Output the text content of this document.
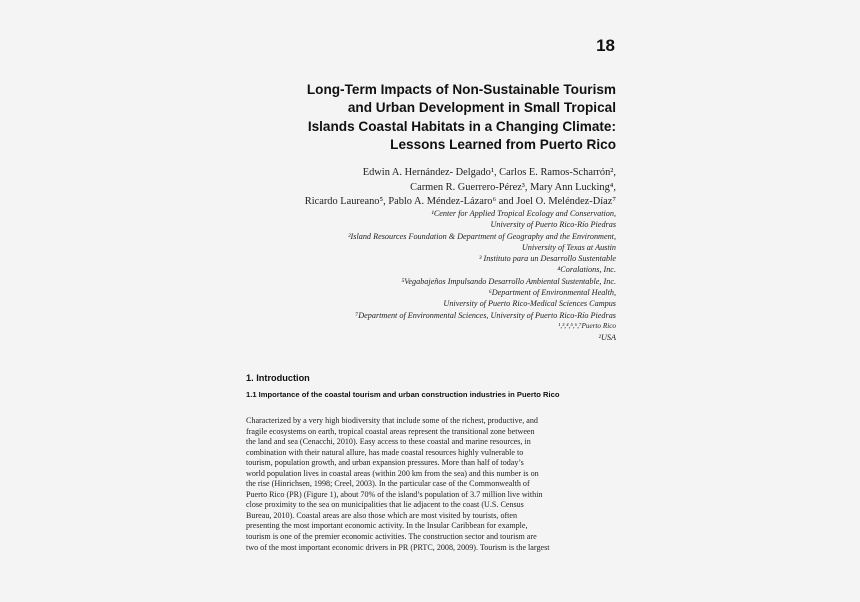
18
Long-Term Impacts of Non-Sustainable Tourism
and Urban Development in Small Tropical
Islands Coastal Habitats in a Changing Climate:
Lessons Learned from Puerto Rico
Edwin A. Hernández- Delgado¹, Carlos E. Ramos-Scharrón²,
Carmen R. Guerrero-Pérez³, Mary Ann Lucking⁴,
Ricardo Laureano⁵, Pablo A. Méndez-Lázaro⁶ and Joel O. Meléndez-Díaz⁷
¹Center for Applied Tropical Ecology and Conservation,
University of Puerto Rico-Río Piedras
²Island Resources Foundation & Department of Geography and the Environment,
University of Texas at Austin
³ Instituto para un Desarrollo Sustentable
⁴Coralations, Inc.
⁵Vegabajeños Impulsando Desarrollo Ambiental Sustentable, Inc.
⁶Department of Environmental Health,
University of Puerto Rico-Medical Sciences Campus
⁷Department of Environmental Sciences, University of Puerto Rico-Río Piedras
¹,³,⁴,⁵,⁶,⁷Puerto Rico
²USA
1. Introduction
1.1 Importance of the coastal tourism and urban construction industries in Puerto Rico
Characterized by a very high biodiversity that include some of the richest, productive, and
fragile ecosystems on earth, tropical coastal areas represent the transitional zone between
the land and sea (Cenacchi, 2010). Easy access to these coastal and marine resources, in
combination with their natural allure, has made coastal resources highly vulnerable to
tourism, population growth, and urban expansion pressures. More than half of today’s
world population lives in coastal areas (within 200 km from the sea) and this number is on
the rise (Hinrichsen, 1998; Creel, 2003). In the particular case of the Commonwealth of
Puerto Rico (PR) (Figure 1), about 70% of the island’s population of 3.7 million live within
close proximity to the sea on municipalities that lie adjacent to the coast (U.S. Census
Bureau, 2010). Coastal areas are also those which are most visited by tourists, often
presenting the most important economic activity. In the Insular Caribbean for example,
tourism is one of the premier economic activities. The construction sector and tourism are
two of the most important economic drivers in PR (PRTC, 2008, 2009). Tourism is the largest
